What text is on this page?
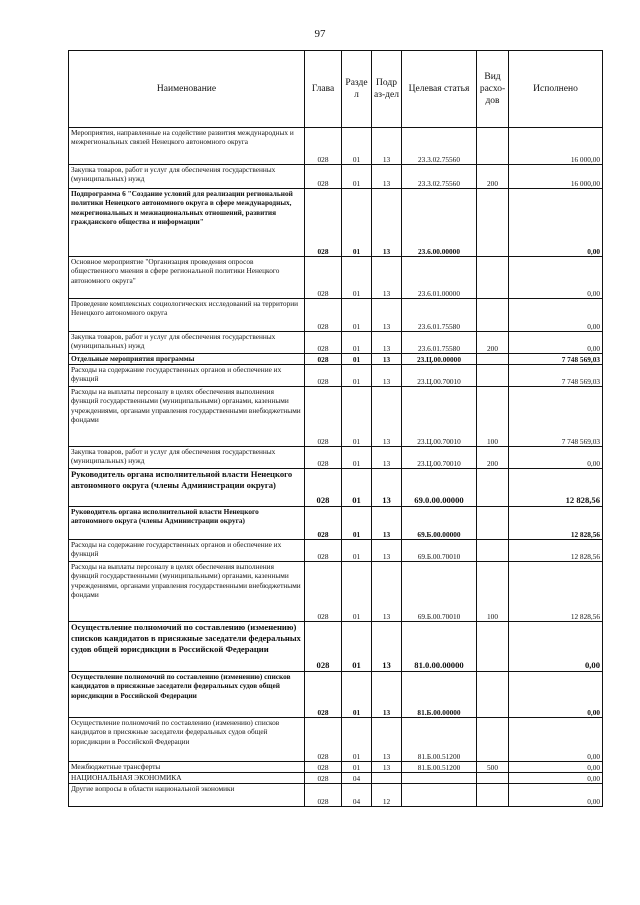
97
Наименование	Глава	Разде л	Подр аз-дел	Целевая статья	Вид расхо- дов	Исполнено
Мероприятия, направленные на содействие развития международных и межрегиональных связей Ненецкого автономного округа	028	01	13	23.3.02.75560		16 000,00
Закупка товаров, работ и услуг для обеспечения государственных (муниципальных) нужд	028	01	13	23.3.02.75560	200	16 000,00
Подпрограмма 6 "Создание условий для реализации региональной политики Ненецкого автономного округа в сфере международных, межрегиональных и межнациональных отношений, развития гражданского общества и информации"	028	01	13	23.6.00.00000		0,00
Основное мероприятие "Организация проведения опросов общественного мнения в сфере региональной политики Ненецкого автономного округа"	028	01	13	23.6.01.00000		0,00
Проведение комплексных социологических исследований на территории Ненецкого автономного округа	028	01	13	23.6.01.75580		0,00
Закупка товаров, работ и услуг для обеспечения государственных (муниципальных) нужд	028	01	13	23.6.01.75580	200	0,00
Отдельные мероприятия программы	028	01	13	23.Ц.00.00000		7 748 569,03
Расходы на содержание государственных органов и обеспечение их функций	028	01	13	23.Ц.00.70010		7 748 569,03
Расходы на выплаты персоналу в целях обеспечения выполнения функций государственными (муниципальными) органами, казенными учреждениями, органами управления государственными внебюджетными фондами	028	01	13	23.Ц.00.70010	100	7 748 569,03
Закупка товаров, работ и услуг для обеспечения государственных (муниципальных) нужд	028	01	13	23.Ц.00.70010	200	0,00
Руководитель органа исполнительной власти Ненецкого автономного округа (члены Администрации округа)	028	01	13	69.0.00.00000		12 828,56
Руководитель органа исполнительной власти Ненецкого автономного округа (члены Администрации округа)	028	01	13	69.Б.00.00000		12 828,56
Расходы на содержание государственных органов и обеспечение их функций	028	01	13	69.Б.00.70010		12 828,56
Расходы на выплаты персоналу в целях обеспечения выполнения функций государственными (муниципальными) органами, казенными учреждениями, органами управления государственными внебюджетными фондами	028	01	13	69.Б.00.70010	100	12 828,56
Осуществление полномочий по составлению (изменению) списков кандидатов в присяжные заседатели федеральных судов общей юрисдикции в Российской Федерации	028	01	13	81.0.00.00000		0,00
Осуществление полномочий по составлению (изменению) списков кандидатов в присяжные заседатели федеральных судов общей юрисдикции в Российской Федерации	028	01	13	81.Б.00.00000		0,00
Осуществление полномочий по составлению (изменению) списков кандидатов в присяжные заседатели федеральных судов общей юрисдикции в Российской Федерации	028	01	13	81.Б.00.51200		0,00
Межбюджетные трансферты	028	01	13	81.Б.00.51200	500	0,00
НАЦИОНАЛЬНАЯ ЭКОНОМИКА	028	04				0,00
Другие вопросы в области национальной экономики	028	04	12			0,00
